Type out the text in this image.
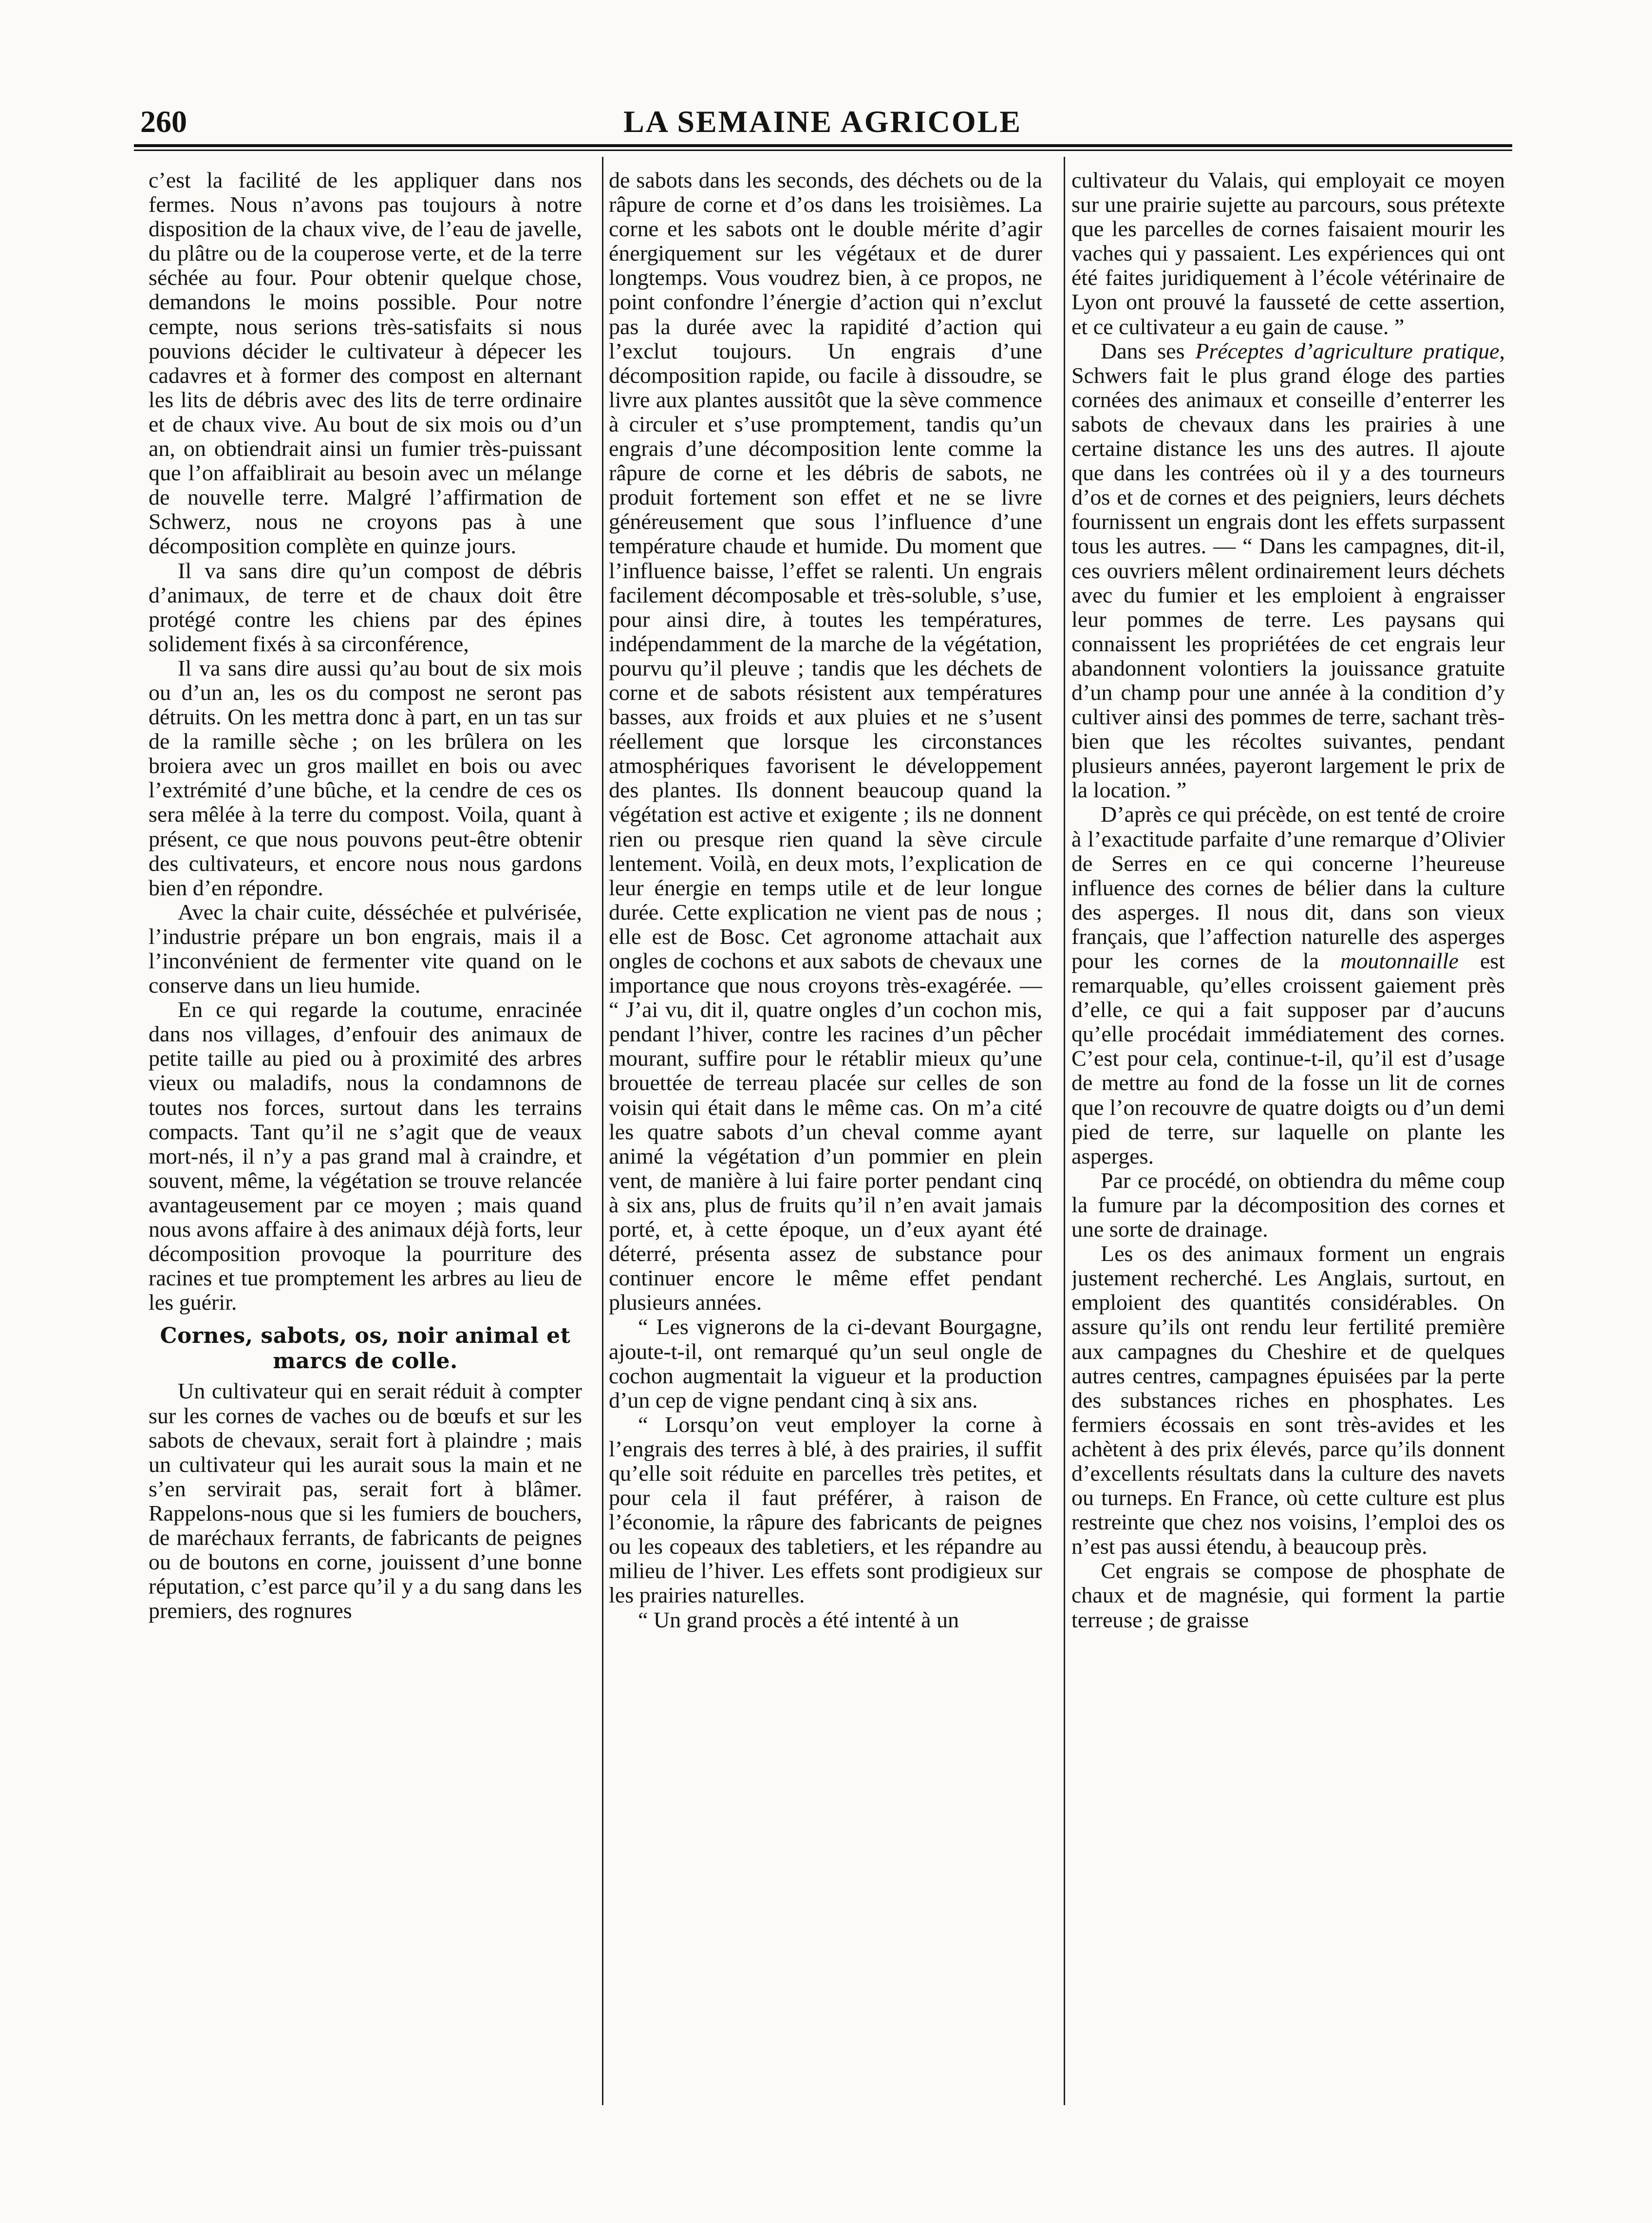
260	LA SEMAINE AGRICOLE

c’est la facilité de les appliquer dans nos fermes. Nous n’avons pas toujours à notre disposition de la chaux vive, de l’eau de javelle, du plâtre ou de la couperose verte, et de la terre séchée au four. Pour obtenir quelque chose, demandons le moins possible. Pour notre cempte, nous serions très-satisfaits si nous pouvions décider le cultivateur à dépecer les cadavres et à former des compost en alternant les lits de débris avec des lits de terre ordinaire et de chaux vive. Au bout de six mois ou d’un an, on obtiendrait ainsi un fumier très-puissant que l’on affaiblirait au besoin avec un mélange de nouvelle terre. Malgré l’affirmation de Schwerz, nous ne croyons pas à une décomposition complète en quinze jours.

Il va sans dire qu’un compost de débris d’animaux, de terre et de chaux doit être protégé contre les chiens par des épines solidement fixés à sa circonférence,

Il va sans dire aussi qu’au bout de six mois ou d’un an, les os du compost ne seront pas détruits. On les mettra donc à part, en un tas sur de la ramille sèche ; on les brûlera on les broiera avec un gros maillet en bois ou avec l’extrémité d’une bûche, et la cendre de ces os sera mêlée à la terre du compost. Voila, quant à présent, ce que nous pouvons peut-être obtenir des cultivateurs, et encore nous nous gardons bien d’en répondre.

Avec la chair cuite, désséchée et pulvérisée, l’industrie prépare un bon engrais, mais il a l’inconvénient de fermenter vite quand on le conserve dans un lieu humide.

En ce qui regarde la coutume, enracinée dans nos villages, d’enfouir des animaux de petite taille au pied ou à proximité des arbres vieux ou maladifs, nous la condamnons de toutes nos forces, surtout dans les terrains compacts. Tant qu’il ne s’agit que de veaux mort-nés, il n’y a pas grand mal à craindre, et souvent, même, la végétation se trouve relancée avantageusement par ce moyen ; mais quand nous avons affaire à des animaux déjà forts, leur décomposition provoque la pourriture des racines et tue promptement les arbres au lieu de les guérir.

Cornes, sabots, os, noir animal et marcs de colle.

Un cultivateur qui en serait réduit à compter sur les cornes de vaches ou de bœufs et sur les sabots de chevaux, serait fort à plaindre ; mais un cultivateur qui les aurait sous la main et ne s’en servirait pas, serait fort à blâmer. Rappelons-nous que si les fumiers de bouchers, de maréchaux ferrants, de fabricants de peignes ou de boutons en corne, jouissent d’une bonne réputation, c’est parce qu’il y a du sang dans les premiers, des rognures

de sabots dans les seconds, des déchets ou de la râpure de corne et d’os dans les troisièmes. La corne et les sabots ont le double mérite d’agir énergiquement sur les végétaux et de durer longtemps. Vous voudrez bien, à ce propos, ne point confondre l’énergie d’action qui n’exclut pas la durée avec la rapidité d’action qui l’exclut toujours. Un engrais d’une décomposition rapide, ou facile à dissoudre, se livre aux plantes aussitôt que la sève commence à circuler et s’use promptement, tandis qu’un engrais d’une décomposition lente comme la râpure de corne et les débris de sabots, ne produit fortement son effet et ne se livre généreusement que sous l’influence d’une température chaude et humide. Du moment que l’influence baisse, l’effet se ralenti. Un engrais facilement décomposable et très-soluble, s’use, pour ainsi dire, à toutes les températures, indépendamment de la marche de la végétation, pourvu qu’il pleuve ; tandis que les déchets de corne et de sabots résistent aux températures basses, aux froids et aux pluies et ne s’usent réellement que lorsque les circonstances atmosphériques favorisent le développement des plantes. Ils donnent beaucoup quand la végétation est active et exigente ; ils ne donnent rien ou presque rien quand la sève circule lentement. Voilà, en deux mots, l’explication de leur énergie en temps utile et de leur longue durée. Cette explication ne vient pas de nous ; elle est de Bosc. Cet agronome attachait aux ongles de cochons et aux sabots de chevaux une importance que nous croyons très-exagérée. — “ J’ai vu, dit il, quatre ongles d’un cochon mis, pendant l’hiver, contre les racines d’un pêcher mourant, suffire pour le rétablir mieux qu’une brouettée de terreau placée sur celles de son voisin qui était dans le même cas. On m’a cité les quatre sabots d’un cheval comme ayant animé la végétation d’un pommier en plein vent, de manière à lui faire porter pendant cinq à six ans, plus de fruits qu’il n’en avait jamais porté, et, à cette époque, un d’eux ayant été déterré, présenta assez de substance pour continuer encore le même effet pendant plusieurs années.

“ Les vignerons de la ci-devant Bourgagne, ajoute-t-il, ont remarqué qu’un seul ongle de cochon augmentait la vigueur et la production d’un cep de vigne pendant cinq à six ans.

“ Lorsqu’on veut employer la corne à l’engrais des terres à blé, à des prairies, il suffit qu’elle soit réduite en parcelles très petites, et pour cela il faut préférer, à raison de l’économie, la râpure des fabricants de peignes ou les copeaux des tabletiers, et les répandre au milieu de l’hiver. Les effets sont prodigieux sur les prairies naturelles.

“ Un grand procès a été intenté à un

cultivateur du Valais, qui employait ce moyen sur une prairie sujette au parcours, sous prétexte que les parcelles de cornes faisaient mourir les vaches qui y passaient. Les expériences qui ont été faites juridiquement à l’école vétérinaire de Lyon ont prouvé la fausseté de cette assertion, et ce cultivateur a eu gain de cause. ”

Dans ses Préceptes d’agriculture pratique, Schwers fait le plus grand éloge des parties cornées des animaux et conseille d’enterrer les sabots de chevaux dans les prairies à une certaine distance les uns des autres. Il ajoute que dans les contrées où il y a des tourneurs d’os et de cornes et des peigniers, leurs déchets fournissent un engrais dont les effets surpassent tous les autres. — “ Dans les campagnes, dit-il, ces ouvriers mêlent ordinairement leurs déchets avec du fumier et les emploient à engraisser leur pommes de terre. Les paysans qui connaissent les propriétées de cet engrais leur abandonnent volontiers la jouissance gratuite d’un champ pour une année à la condition d’y cultiver ainsi des pommes de terre, sachant très-bien que les récoltes suivantes, pendant plusieurs années, payeront largement le prix de la location. ”

D’après ce qui précède, on est tenté de croire à l’exactitude parfaite d’une remarque d’Olivier de Serres en ce qui concerne l’heureuse influence des cornes de bélier dans la culture des asperges. Il nous dit, dans son vieux français, que l’affection naturelle des asperges pour les cornes de la moutonnaille est remarquable, qu’elles croissent gaiement près d’elle, ce qui a fait supposer par d’aucuns qu’elle procédait immédiatement des cornes. C’est pour cela, continue-t-il, qu’il est d’usage de mettre au fond de la fosse un lit de cornes que l’on recouvre de quatre doigts ou d’un demi pied de terre, sur laquelle on plante les asperges.

Par ce procédé, on obtiendra du même coup la fumure par la décomposition des cornes et une sorte de drainage.

Les os des animaux forment un engrais justement recherché. Les Anglais, surtout, en emploient des quantités considérables. On assure qu’ils ont rendu leur fertilité première aux campagnes du Cheshire et de quelques autres centres, campagnes épuisées par la perte des substances riches en phosphates. Les fermiers écossais en sont très-avides et les achètent à des prix élevés, parce qu’ils donnent d’excellents résultats dans la culture des navets ou turneps. En France, où cette culture est plus restreinte que chez nos voisins, l’emploi des os n’est pas aussi étendu, à beaucoup près.

Cet engrais se compose de phosphate de chaux et de magnésie, qui forment la partie terreuse ; de graisse
